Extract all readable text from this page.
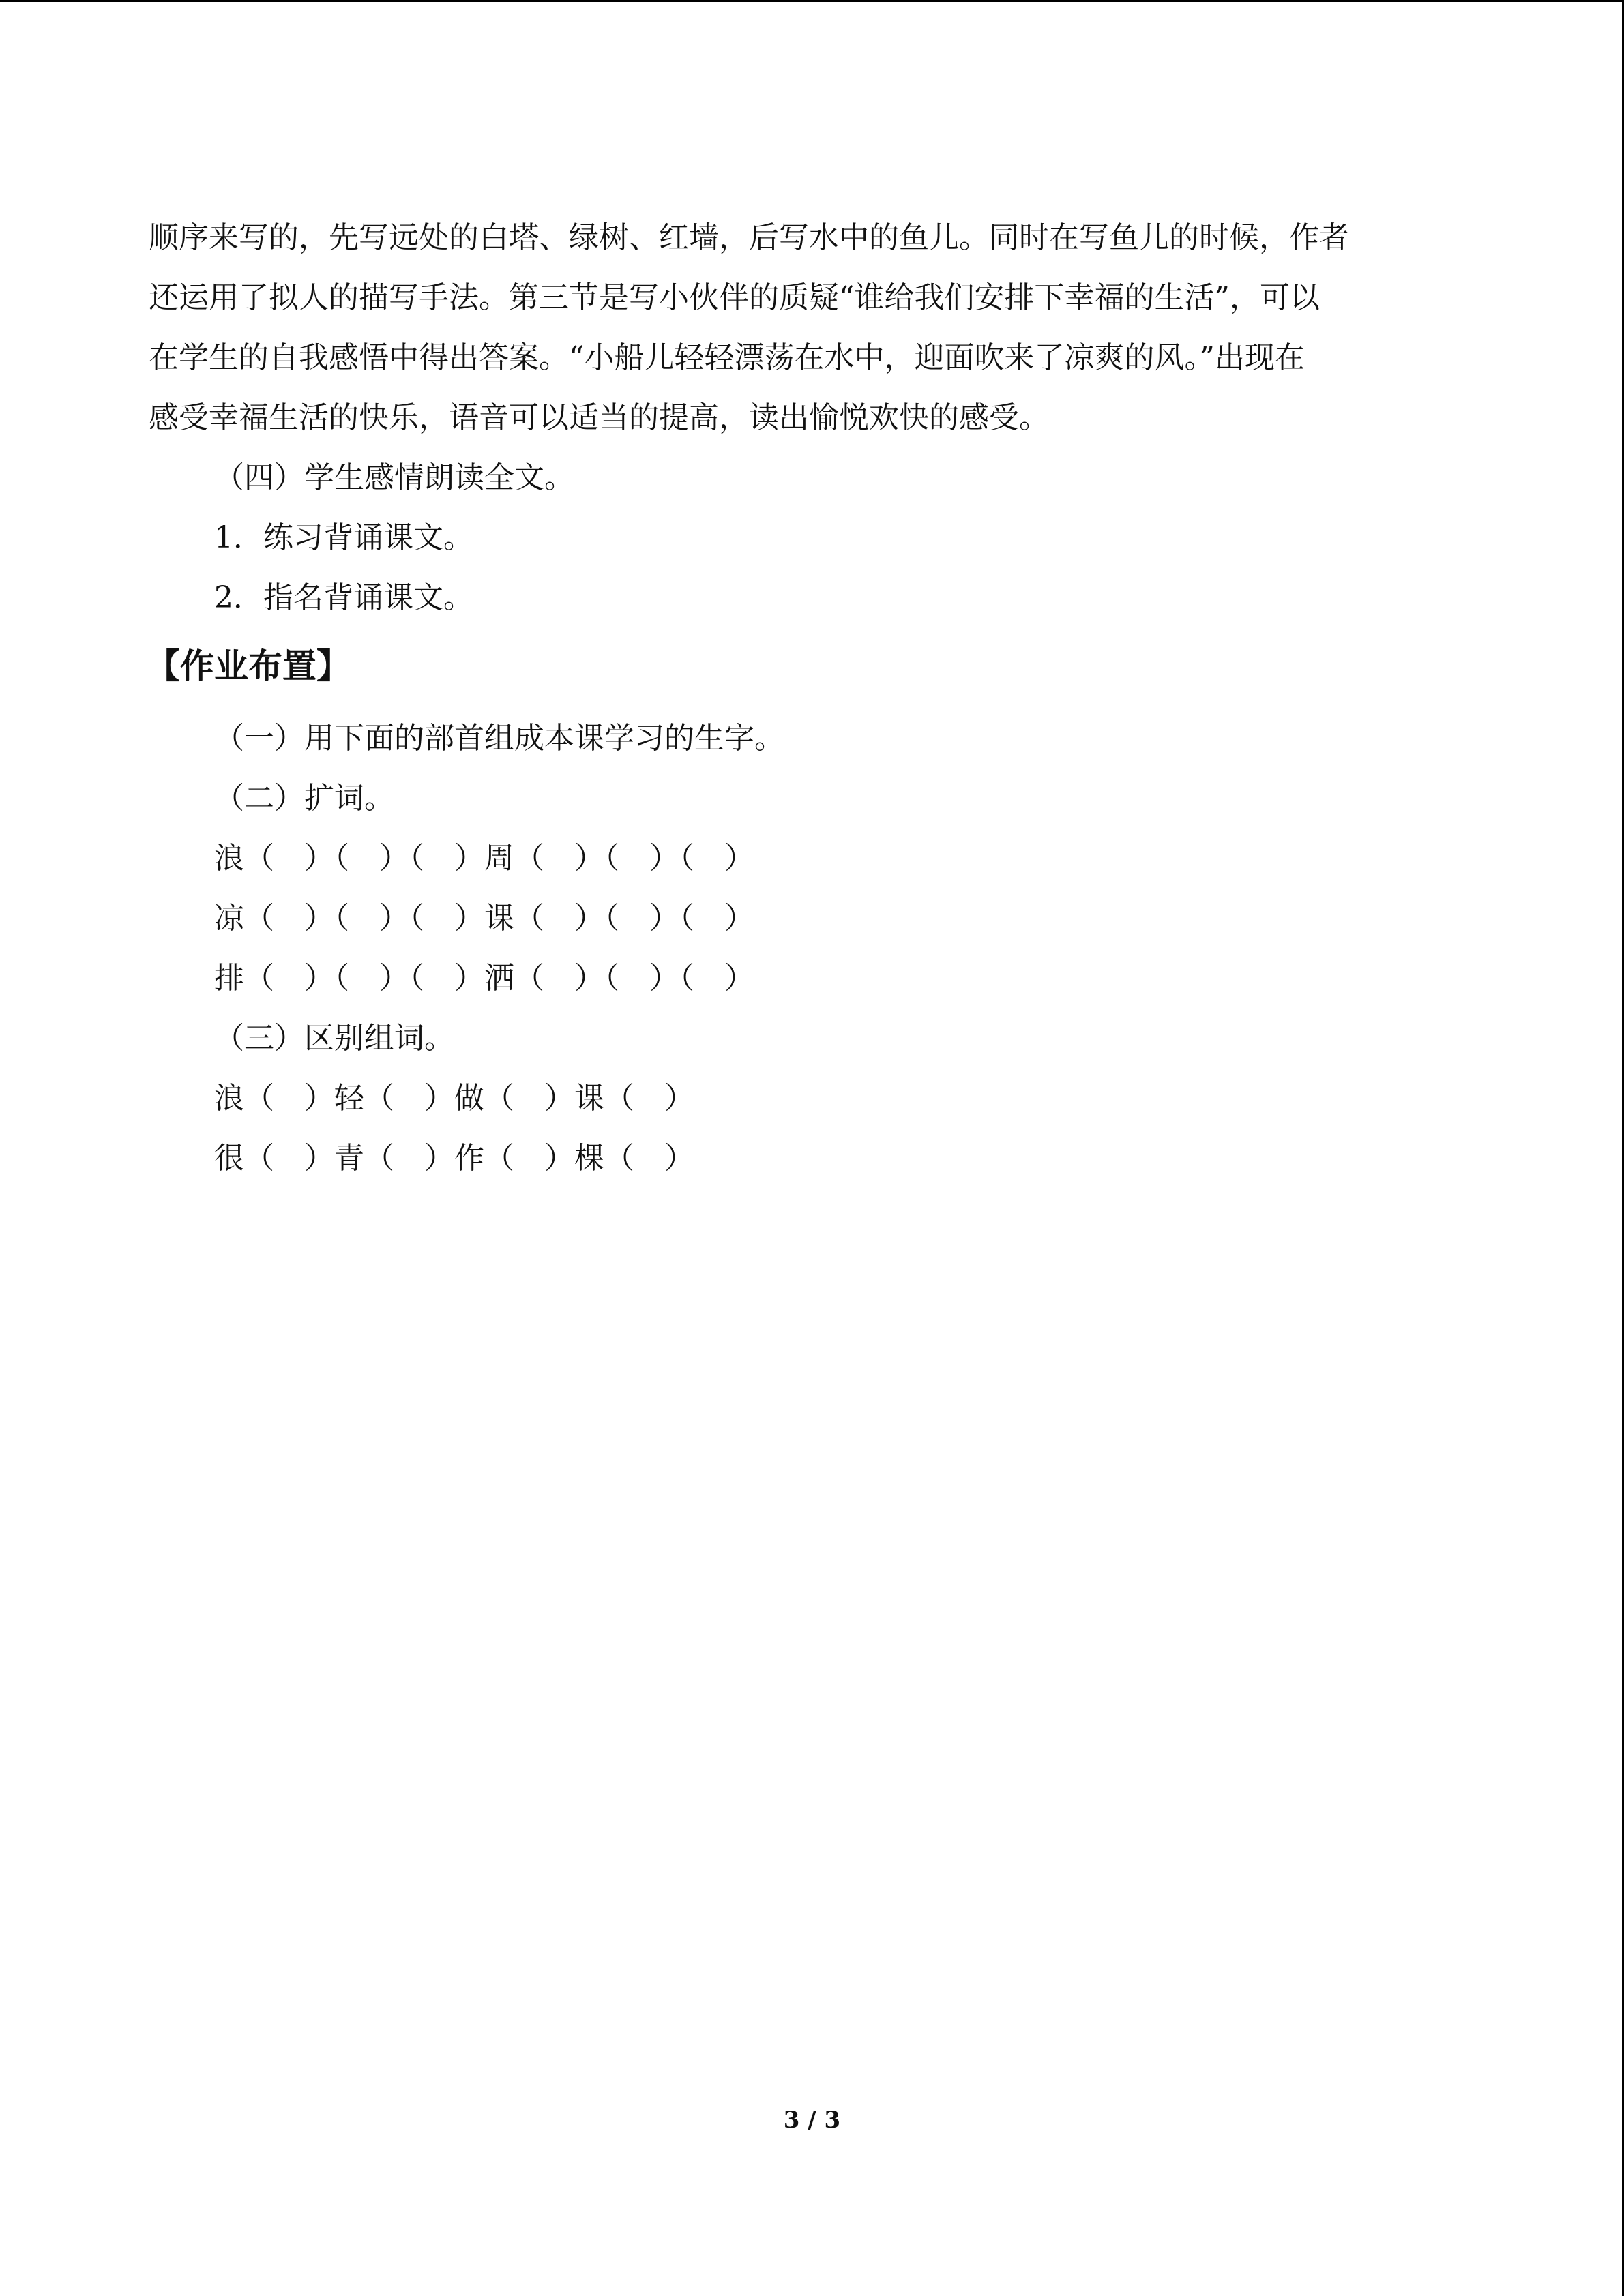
顺序来写的，先写远处的白塔、绿树、红墙，后写水中的鱼儿。同时在写鱼儿的时候，作者
还运用了拟人的描写手法。第三节是写小伙伴的质疑“谁给我们安排下幸福的生活”，可以
在学生的自我感悟中得出答案。“小船儿轻轻漂荡在水中，迎面吹来了凉爽的风。”出现在
感受幸福生活的快乐，语音可以适当的提高，读出愉悦欢快的感受。
（四）学生感情朗读全文。
1．练习背诵课文。
2．指名背诵课文。
【作业布置】
（一）用下面的部首组成本课学习的生字。
（二）扩词。
浪（　）（　）（　）周（　）（　）（　）
凉（　）（　）（　）课（　）（　）（　）
排（　）（　）（　）洒（　）（　）（　）
（三）区别组词。
浪（　）轻（　）做（　）课（　）
很（　）青（　）作（　）棵（　）
3 / 3
